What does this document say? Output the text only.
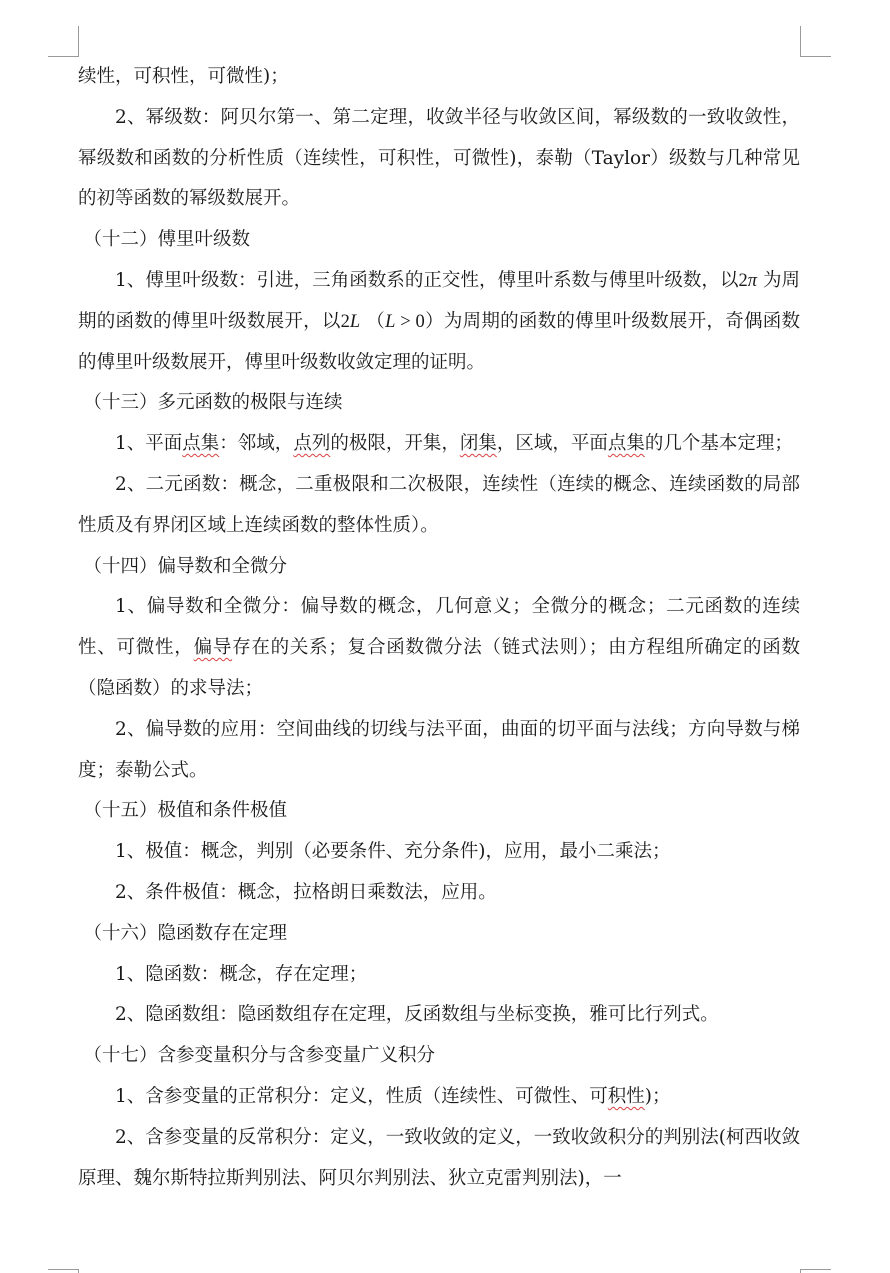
续性，可积性，可微性)；

2、幂级数：阿贝尔第一、第二定理，收敛半径与收敛区间，幂级数的一致收敛性，幂级数和函数的分析性质（连续性，可积性，可微性)，泰勒（Taylor）级数与几种常见的初等函数的幂级数展开。

（十二）傅里叶级数

1、傅里叶级数：引进，三角函数系的正交性，傅里叶系数与傅里叶级数，以2π 为周期的函数的傅里叶级数展开，以2L （L > 0）为周期的函数的傅里叶级数展开，奇偶函数的傅里叶级数展开，傅里叶级数收敛定理的证明。

（十三）多元函数的极限与连续

1、平面点集：邻域，点列的极限，开集，闭集，区域，平面点集的几个基本定理；

2、二元函数：概念，二重极限和二次极限，连续性（连续的概念、连续函数的局部性质及有界闭区域上连续函数的整体性质）。

（十四）偏导数和全微分

1、偏导数和全微分：偏导数的概念，几何意义；全微分的概念；二元函数的连续性、可微性，偏导存在的关系；复合函数微分法（链式法则）；由方程组所确定的函数（隐函数）的求导法；

2、偏导数的应用：空间曲线的切线与法平面，曲面的切平面与法线；方向导数与梯度；泰勒公式。

（十五）极值和条件极值

1、极值：概念，判别（必要条件、充分条件)，应用，最小二乘法；

2、条件极值：概念，拉格朗日乘数法，应用。

（十六）隐函数存在定理

1、隐函数：概念，存在定理；

2、隐函数组：隐函数组存在定理，反函数组与坐标变换，雅可比行列式。

（十七）含参变量积分与含参变量广义积分

1、含参变量的正常积分：定义，性质（连续性、可微性、可积性)；

2、含参变量的反常积分：定义，一致收敛的定义，一致收敛积分的判别法(柯西收敛原理、魏尔斯特拉斯判别法、阿贝尔判别法、狄立克雷判别法)，一
